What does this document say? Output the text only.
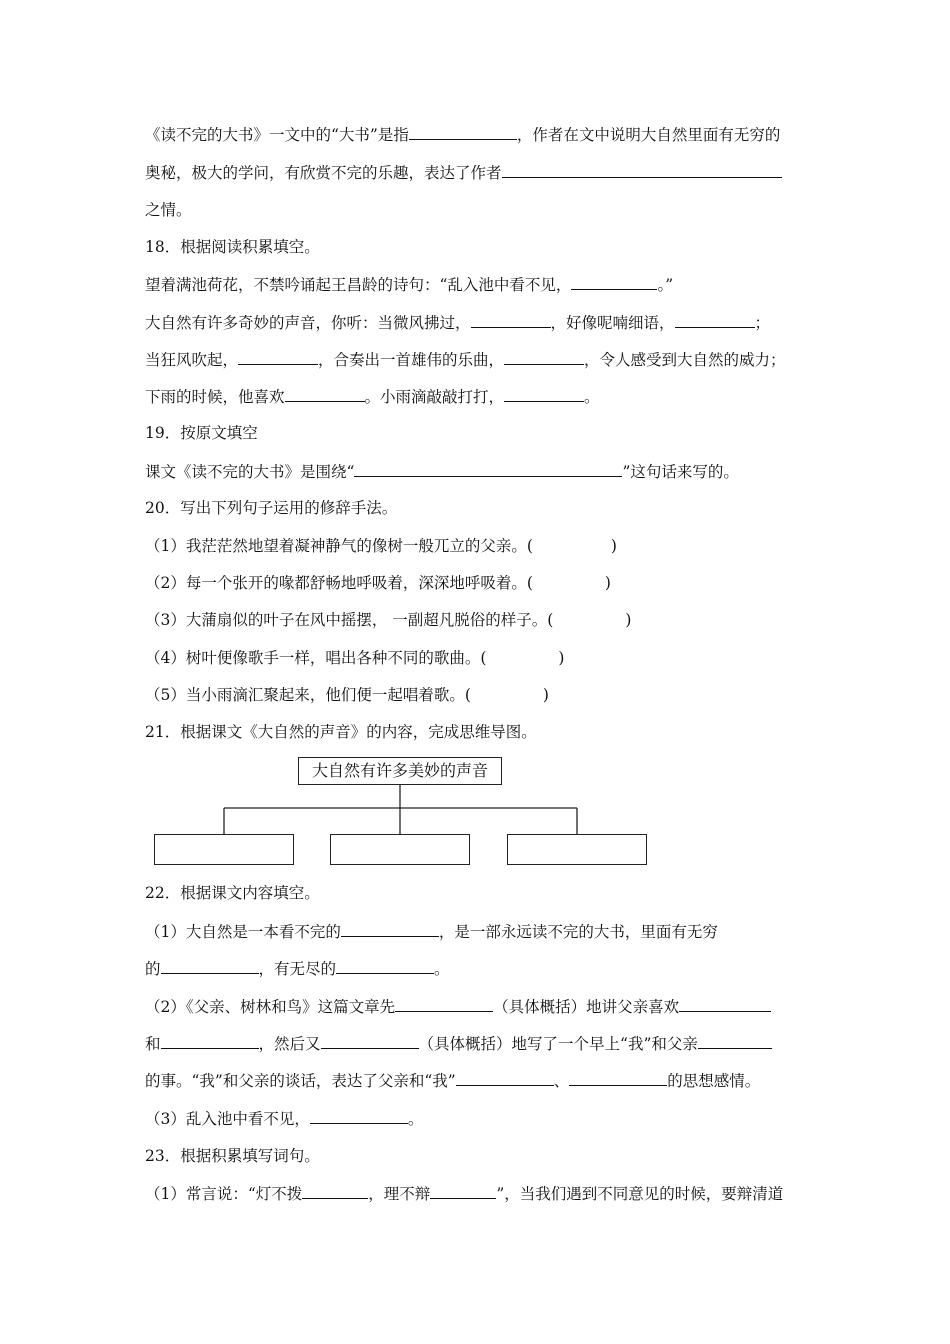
《读不完的大书》一文中的“大书”是指	，作者在文中说明大自然里面有无穷的
奥秘，极大的学问，有欣赏不完的乐趣，表达了作者
之情。
18．根据阅读积累填空。
望着满池荷花，不禁吟诵起王昌龄的诗句：“乱入池中看不见，	。”
大自然有许多奇妙的声音，你听：当微风拂过，	，好像呢喃细语，	；
当狂风吹起，	，合奏出一首雄伟的乐曲，	，令人感受到大自然的威力；
下雨的时候，他喜欢	。小雨滴敲敲打打，	。
19．按原文填空
课文《读不完的大书》是围绕“	”这句话来写的。
20．写出下列句子运用的修辞手法。
（1）我茫茫然地望着凝神静气的像树一般兀立的父亲。(	)
（2）每一个张开的喙都舒畅地呼吸着，深深地呼吸着。(	)
（3）大蒲扇似的叶子在风中摇摆， 一副超凡脱俗的样子。(	)
（4）树叶便像歌手一样，唱出各种不同的歌曲。(	)
（5）当小雨滴汇聚起来，他们便一起唱着歌。(	)
21．根据课文《大自然的声音》的内容，完成思维导图。
大自然有许多美妙的声音
22．根据课文内容填空。
（1）大自然是一本看不完的	，是一部永远读不完的大书，里面有无穷
的	，有无尽的	。
（2）《父亲、树林和鸟》这篇文章先	（具体概括）地讲父亲喜欢
和	，然后又	（具体概括）地写了一个早上“我”和父亲
的事。“我”和父亲的谈话，表达了父亲和“我”	、	的思想感情。
（3）乱入池中看不见，	。
23．根据积累填写词句。
（1）常言说：“灯不拨	，理不辩	”，当我们遇到不同意见的时候，要辩清道
